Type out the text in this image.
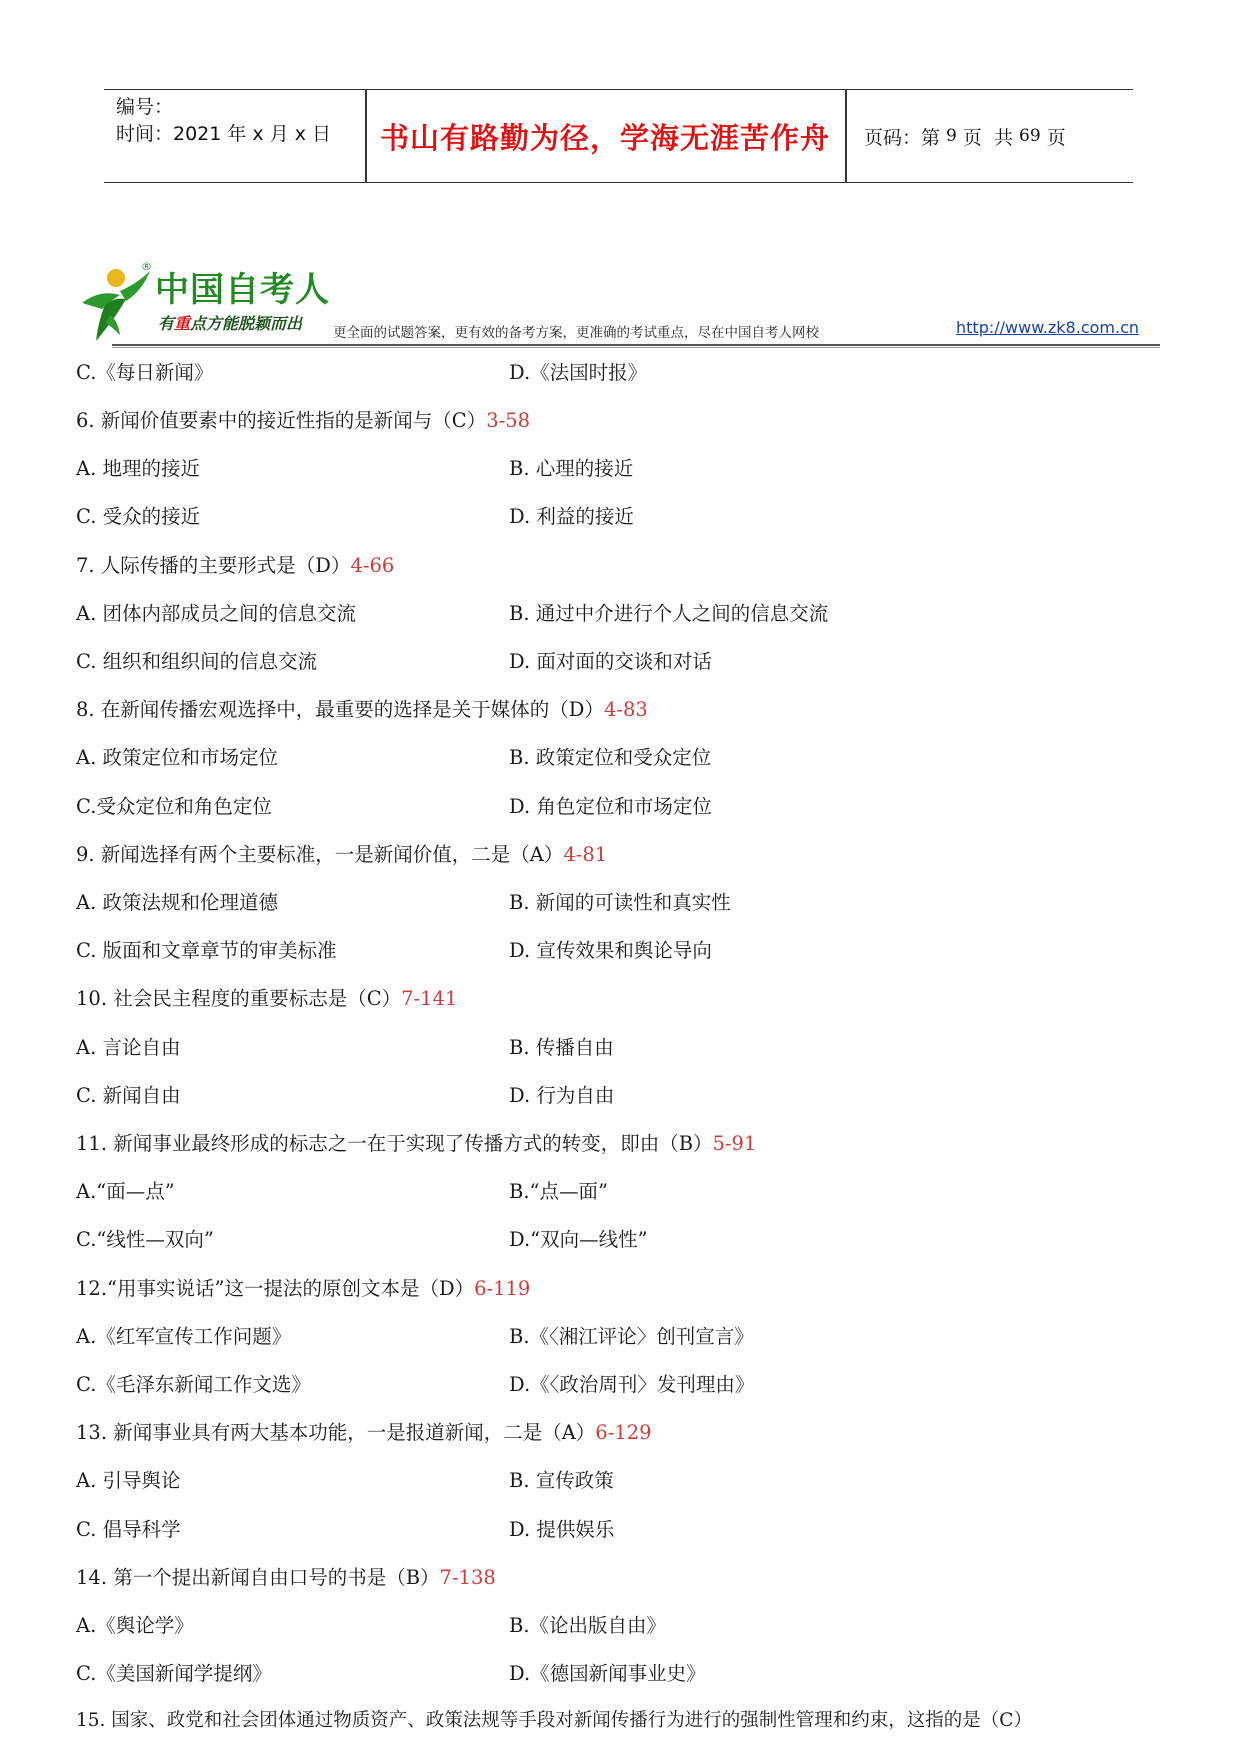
编号：
时间：2021 年 x 月 x 日	书山有路勤为径，学海无涯苦作舟	页码：第 9 页  共 69 页
®
中国自考人
有重点方能脱颖而出 更全面的试题答案，更有效的备考方案，更准确的考试重点，尽在中国自考人网校	http://www.zk8.com.cn
C.《每日新闻》	D.《法国时报》
6. 新闻价值要素中的接近性指的是新闻与（C）3-58
A. 地理的接近	B. 心理的接近
C. 受众的接近	D. 利益的接近
7. 人际传播的主要形式是（D）4-66
A. 团体内部成员之间的信息交流	B. 通过中介进行个人之间的信息交流
C. 组织和组织间的信息交流	D. 面对面的交谈和对话
8. 在新闻传播宏观选择中，最重要的选择是关于媒体的（D）4-83
A. 政策定位和市场定位	B. 政策定位和受众定位
C.受众定位和角色定位	D. 角色定位和市场定位
9. 新闻选择有两个主要标准，一是新闻价值，二是（A）4-81
A. 政策法规和伦理道德	B. 新闻的可读性和真实性
C. 版面和文章章节的审美标准	D. 宣传效果和舆论导向
10. 社会民主程度的重要标志是（C）7-141
A. 言论自由	B. 传播自由
C. 新闻自由	D. 行为自由
11. 新闻事业最终形成的标志之一在于实现了传播方式的转变，即由（B）5-91
A.“面—点”	B.“点—面”
C.“线性—双向”	D.“双向—线性”
12.“用事实说话”这一提法的原创文本是（D）6-119
A.《红军宣传工作问题》	B.《〈湘江评论〉创刊宣言》
C.《毛泽东新闻工作文选》	D.《〈政治周刊〉发刊理由》
13. 新闻事业具有两大基本功能，一是报道新闻，二是（A）6-129
A. 引导舆论	B. 宣传政策
C. 倡导科学	D. 提供娱乐
14. 第一个提出新闻自由口号的书是（B）7-138
A.《舆论学》	B.《论出版自由》
C.《美国新闻学提纲》	D.《德国新闻事业史》
15. 国家、政党和社会团体通过物质资产、政策法规等手段对新闻传播行为进行的强制性管理和约束，这指的是（C）
